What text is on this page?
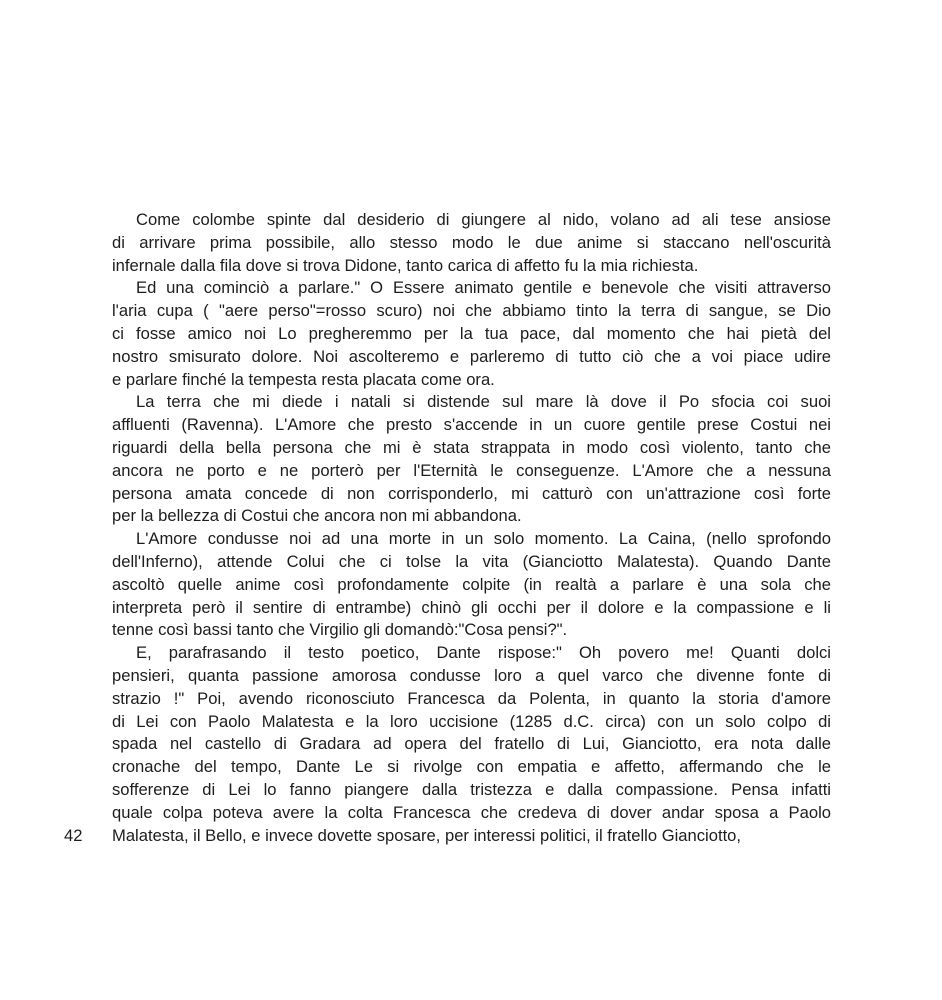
42
Come colombe spinte dal desiderio di giungere al nido, volano ad ali tese ansiose
di arrivare prima possibile, allo stesso modo le due anime si staccano nell'oscurità
infernale dalla fila dove si trova Didone, tanto carica di affetto fu la mia richiesta.
Ed una cominciò a parlare." O Essere animato gentile e benevole che visiti attraverso
l'aria cupa ( "aere perso"=rosso scuro) noi che abbiamo tinto la terra di sangue, se Dio
ci fosse amico noi Lo pregheremmo per la tua pace, dal momento che hai pietà del
nostro smisurato dolore. Noi ascolteremo e parleremo di tutto ciò che a voi piace udire
e parlare finché la tempesta resta placata come ora.
La terra che mi diede i natali si distende sul mare là dove il Po sfocia coi suoi
affluenti (Ravenna). L'Amore che presto s'accende in un cuore gentile prese Costui nei
riguardi della bella persona che mi è stata strappata in modo così violento, tanto che
ancora ne porto e ne porterò per l'Eternità le conseguenze. L'Amore che a nessuna
persona amata concede di non corrisponderlo, mi catturò con un'attrazione così forte
per la bellezza di Costui che ancora non mi abbandona.
L'Amore condusse noi ad una morte in un solo momento. La Caina, (nello sprofondo
dell'Inferno), attende Colui che ci tolse la vita (Gianciotto Malatesta). Quando Dante
ascoltò quelle anime così profondamente colpite (in realtà a parlare è una sola che
interpreta però il sentire di entrambe) chinò gli occhi per il dolore e la compassione e li
tenne così bassi tanto che Virgilio gli domandò:"Cosa pensi?".
E, parafrasando il testo poetico, Dante rispose:" Oh povero me! Quanti dolci
pensieri, quanta passione amorosa condusse loro a quel varco che divenne fonte di
strazio !" Poi, avendo riconosciuto Francesca da Polenta, in quanto la storia d'amore
di Lei con Paolo Malatesta e la loro uccisione (1285 d.C. circa) con un solo colpo di
spada nel castello di Gradara ad opera del fratello di Lui, Gianciotto, era nota dalle
cronache del tempo, Dante Le si rivolge con empatia e affetto, affermando che le
sofferenze di Lei lo fanno piangere dalla tristezza e dalla compassione. Pensa infatti
quale colpa poteva avere la colta Francesca che credeva di dover andar sposa a Paolo
Malatesta, il Bello, e invece dovette sposare, per interessi politici, il fratello Gianciotto,
